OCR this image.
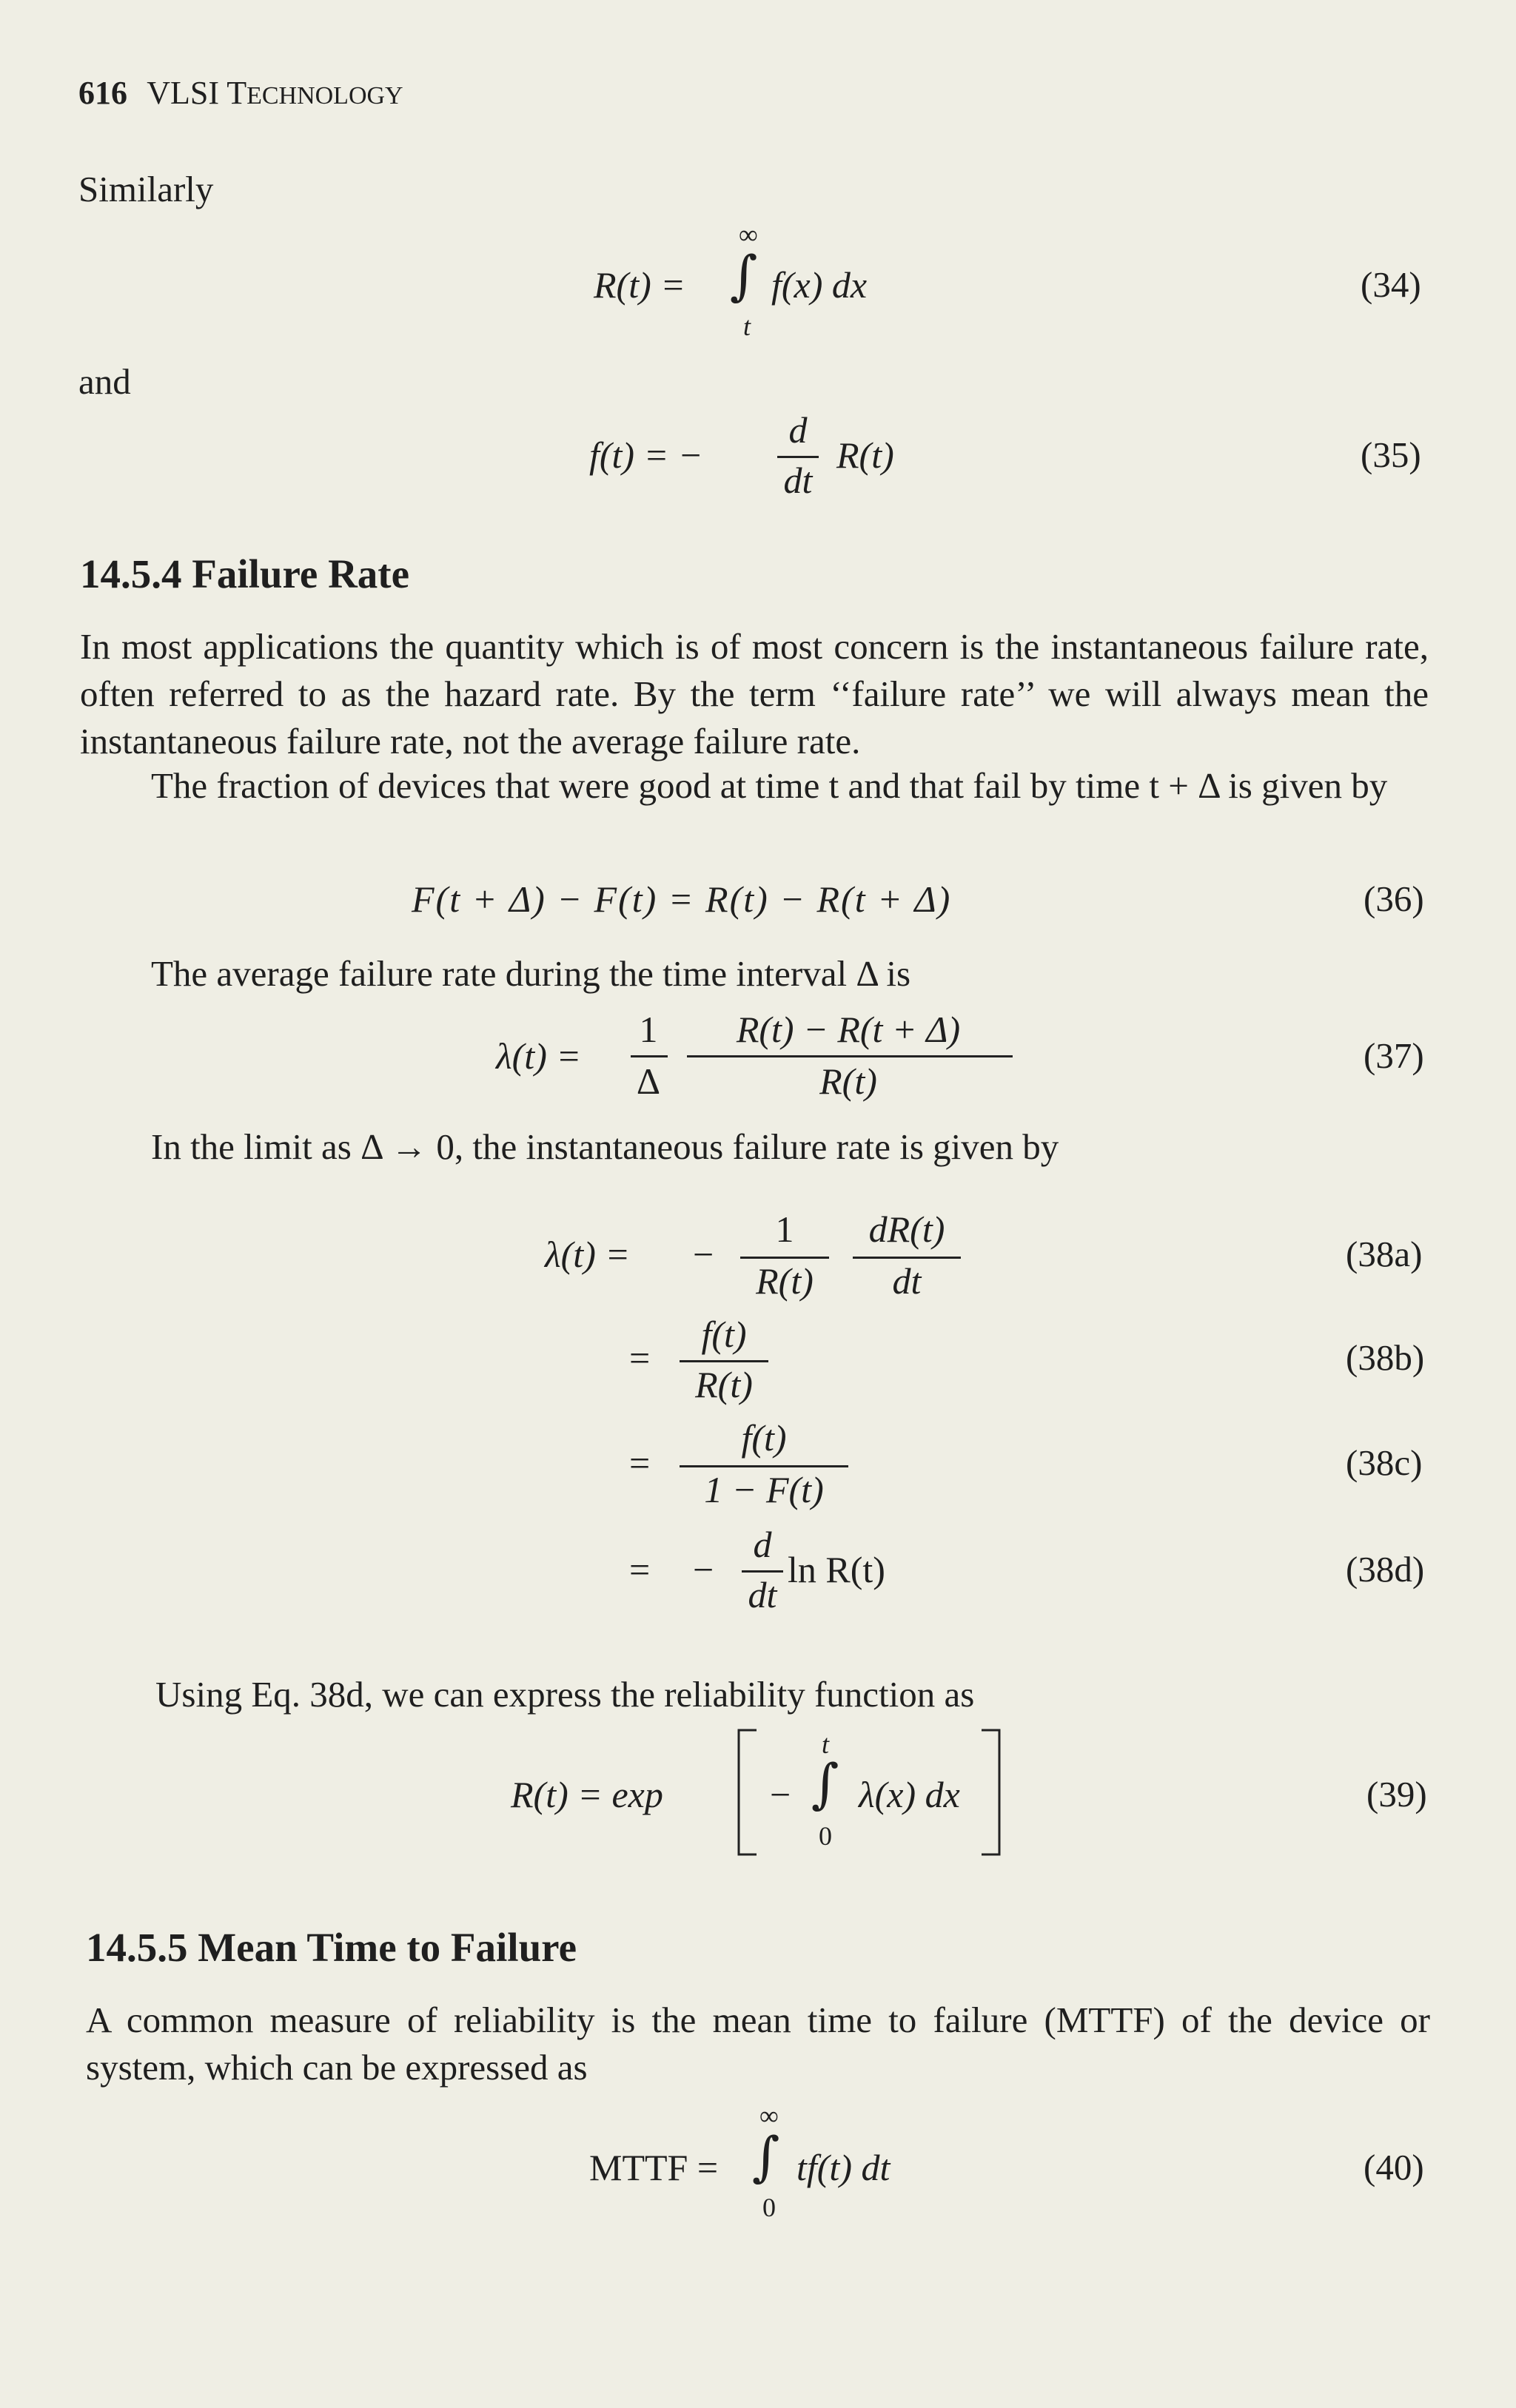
616 VLSI TECHNOLOGY
Similarly
R(t) =
∞
∫
t
f(x) dx	(34)
and
f(t) = −
d
dt
R(t)	(35)
14.5.4 Failure Rate
In most applications the quantity which is of most concern is the instantaneous failure rate, often referred to as the hazard rate. By the term ‘‘failure rate’’ we will always mean the instantaneous failure rate, not the average failure rate.
The fraction of devices that were good at time t and that fail by time t + Δ is given by
F(t + Δ) − F(t) = R(t) − R(t + Δ)	(36)
The average failure rate during the time interval Δ is
λ(t) =
1
Δ
R(t) − R(t + Δ)
R(t)
(37)
In the limit as Δ → 0, the instantaneous failure rate is given by
λ(t) = −
1
R(t)
dR(t)
dt
(38a)
=
f(t)
R(t)
(38b)
=
f(t)
1 − F(t)
(38c)
= −
d
dt
ln R(t)	(38d)
Using Eq. 38d, we can express the reliability function as
R(t) = exp	−
t
∫
0
λ(x) dx	(39)
14.5.5 Mean Time to Failure
A common measure of reliability is the mean time to failure (MTTF) of the device or system, which can be expressed as
MTTF =
∞
∫
0
tf(t) dt	(40)
